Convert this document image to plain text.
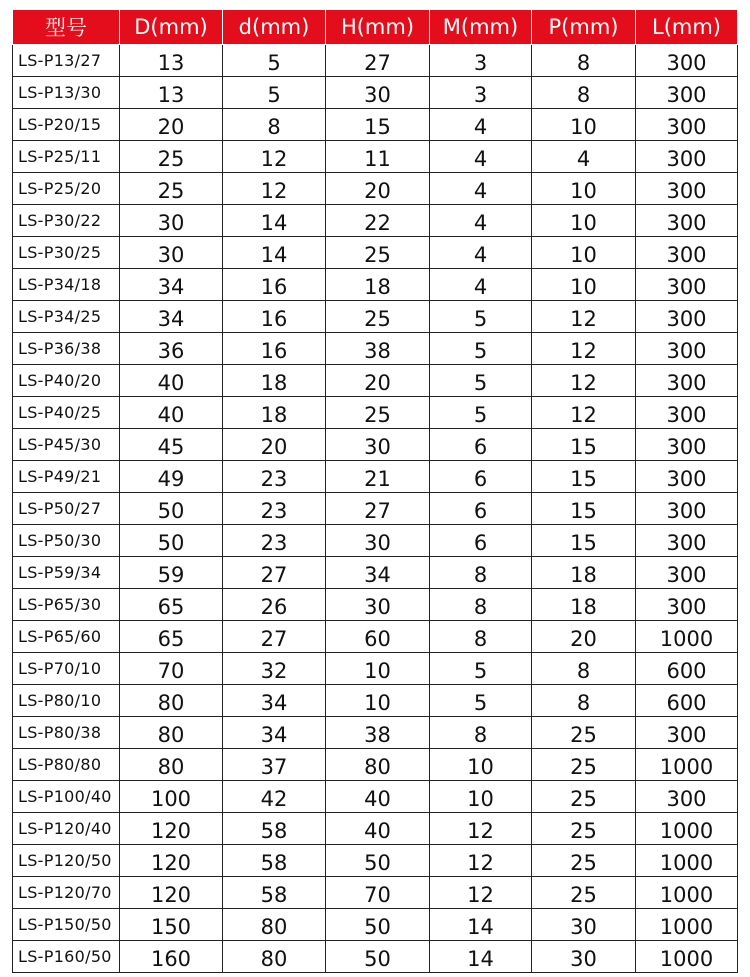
型号	D(mm)	d(mm)	H(mm)	M(mm)	P(mm)	L(mm)
LS-P13/27	13	5	27	3	8	300
LS-P13/30	13	5	30	3	8	300
LS-P20/15	20	8	15	4	10	300
LS-P25/11	25	12	11	4	4	300
LS-P25/20	25	12	20	4	10	300
LS-P30/22	30	14	22	4	10	300
LS-P30/25	30	14	25	4	10	300
LS-P34/18	34	16	18	4	10	300
LS-P34/25	34	16	25	5	12	300
LS-P36/38	36	16	38	5	12	300
LS-P40/20	40	18	20	5	12	300
LS-P40/25	40	18	25	5	12	300
LS-P45/30	45	20	30	6	15	300
LS-P49/21	49	23	21	6	15	300
LS-P50/27	50	23	27	6	15	300
LS-P50/30	50	23	30	6	15	300
LS-P59/34	59	27	34	8	18	300
LS-P65/30	65	26	30	8	18	300
LS-P65/60	65	27	60	8	20	1000
LS-P70/10	70	32	10	5	8	600
LS-P80/10	80	34	10	5	8	600
LS-P80/38	80	34	38	8	25	300
LS-P80/80	80	37	80	10	25	1000
LS-P100/40	100	42	40	10	25	300
LS-P120/40	120	58	40	12	25	1000
LS-P120/50	120	58	50	12	25	1000
LS-P120/70	120	58	70	12	25	1000
LS-P150/50	150	80	50	14	30	1000
LS-P160/50	160	80	50	14	30	1000
